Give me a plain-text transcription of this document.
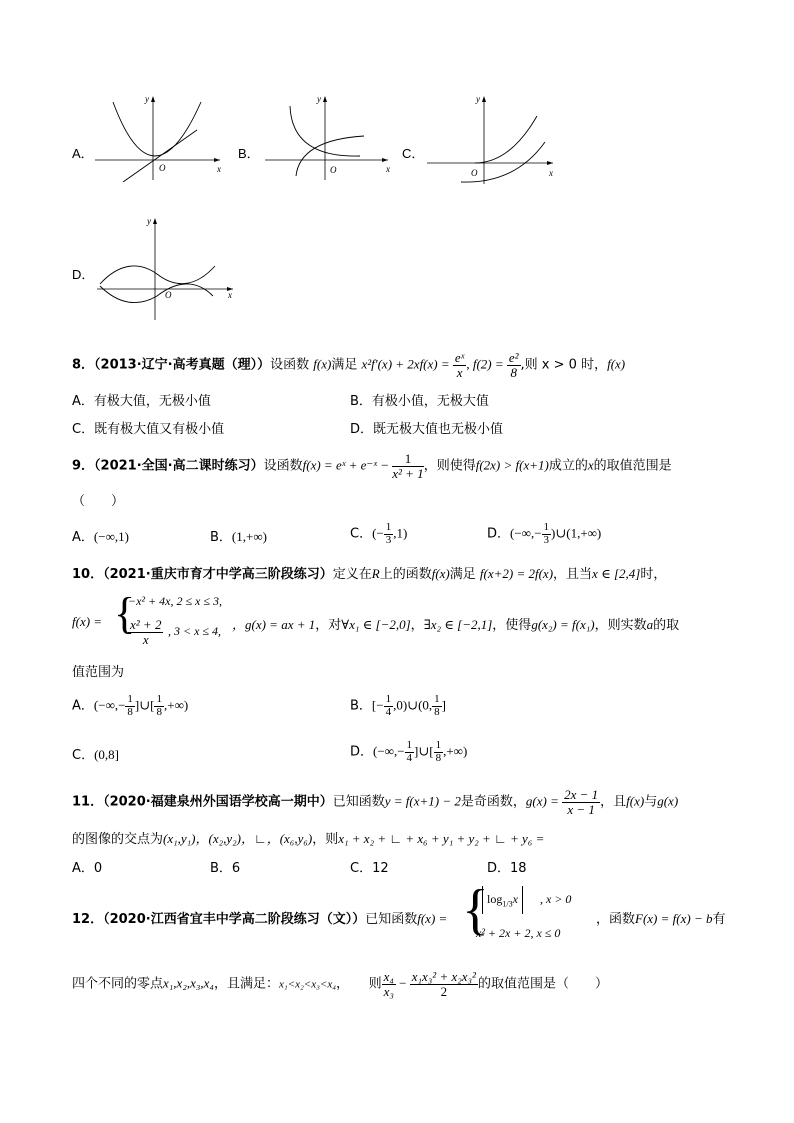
A．
y
x
O
B．
y
x
O
C．
y
x
O
D．
y
x
O
8．（2013·辽宁·高考真题（理））设函数 f(x)满足 $x^2f'(x) + 2xf(x) = \frac{\text{eˣ}}{x}$ , $f(2) = \frac{\text{e²}}{8}$ ,则 x > 0 时，f(x)
A．有极大值，无极小值	B．有极小值，无极大值
C．既有极大值又有极小值	D．既无极大值也无极小值
9．（2021·全国·高二课时练习）设函数f(x) = eˣ + e⁻ˣ − $\frac{1}{\text{x² + 1}}$ ，则使得f(2x) > f(x+1)成立的x的取值范围是
（　　）
A．(−∞,1)	B．(1,+∞)	C．(− $\frac{1}{3} ,1$)	D．(−∞,− $\frac{1}{3}$ )∪(1,+∞)
10．（2021·重庆市育才中学高三阶段练习）定义在R上的函数f(x)满足 f(x+2) = 2f(x)，且当x ∈ [2,4]时，
f(x) = {
−x² + 4x, 2 ≤ x ≤ 3,
$\frac{\text{x² + 2}}{x}$ , 3 < x ≤ 4, ，g(x) = ax + 1，对∀x₁ ∈ [−2,0]，∃x₂ ∈ [−2,1]，使得g(x₂) = f(x₁)，则实数a的取
值范围为
A．(−∞,− $\frac{1}{8}$ ]∪[ $\frac{1}{8}$ ,+∞)	B．[− $\frac{1}{4}$ ,0)∪(0, $\frac{1}{8}$ ]
C．(0,8]	D．(−∞,− $\frac{1}{4}$ ]∪[ $\frac{1}{8}$ ,+∞)
11．（2020·福建泉州外国语学校高一期中）已知函数y = f(x+1) − 2是奇函数，$g(x) = \frac{2x - 1}{x - 1}$ ，且f(x)与g(x)
的图像的交点为(x₁,y₁)，(x₂,y₂)，∟，(x₆,y₆)，则x₁ + x₂ + ∟ + x₆ + y₁ + y₂ + ∟ + y₆ =
A．0	B．6	C．12	D．18
12．（2020·江西省宜丰中学高二阶段练习（文））已知函数f(x) = {
$\log_{1/3}x$	, x > 0
x² + 2x + 2, x ≤ 0
，函数F(x) = f(x) − b有
四个不同的零点x₁,x₂,x₃,x₄，且满足：x₁<x₂<x₃<x₄，　　则 $\frac{\text{x₄}}{\text{x₃}} - \frac{\text{x₁x₃² + x₂x₃²}}{2}$ 的取值范围是（　　）
